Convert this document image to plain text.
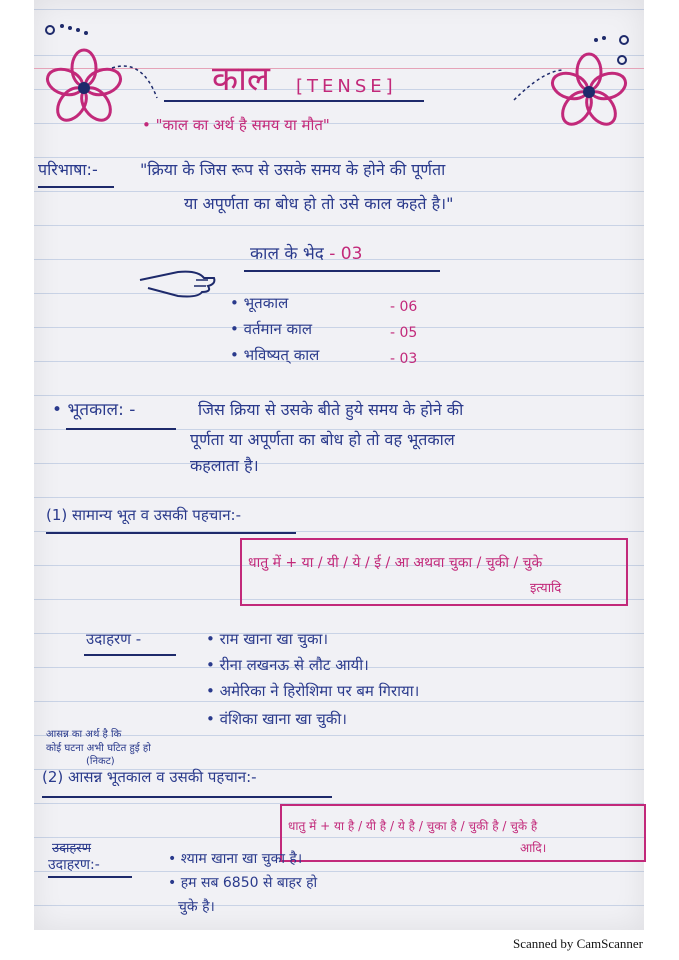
काल [TENSE]
• "काल का अर्थ है समय या मौत"
परिभाषा:-	"क्रिया के जिस रूप से उसके समय के होने की पूर्णता
या अपूर्णता का बोध हो तो उसे काल कहते है।"
काल के भेद - 03
• भूतकाल	- 06
• वर्तमान काल	- 05
• भविष्यत् काल	- 03
• भूतकाल: -	जिस क्रिया से उसके बीते हुये समय के होने की
पूर्णता या अपूर्णता का बोध हो तो वह भूतकाल
कहलाता है।
(1) सामान्य भूत व उसकी पहचान:-
धातु में + या / यी / ये / ई / आ अथवा चुका / चुकी / चुके
इत्यादि
उदाहरण -	• राम खाना खा चुका।
• रीना लखनऊ से लौट आयी।
• अमेरिका ने हिरोशिमा पर बम गिराया।
• वंशिका खाना खा चुकी।
आसन्न का अर्थ है कि
कोई घटना अभी घटित हुई हो
(निकट)
(2) आसन्न भूतकाल व उसकी पहचान:-
धातु में + या है / यी है / ये है / चुका है / चुकी है / चुके है
आदि।
उदाहरण
उदाहरण:-	• श्याम खाना खा चुका है।
• हम सब 6850 से बाहर हो
चुके है।
Scanned by CamScanner
